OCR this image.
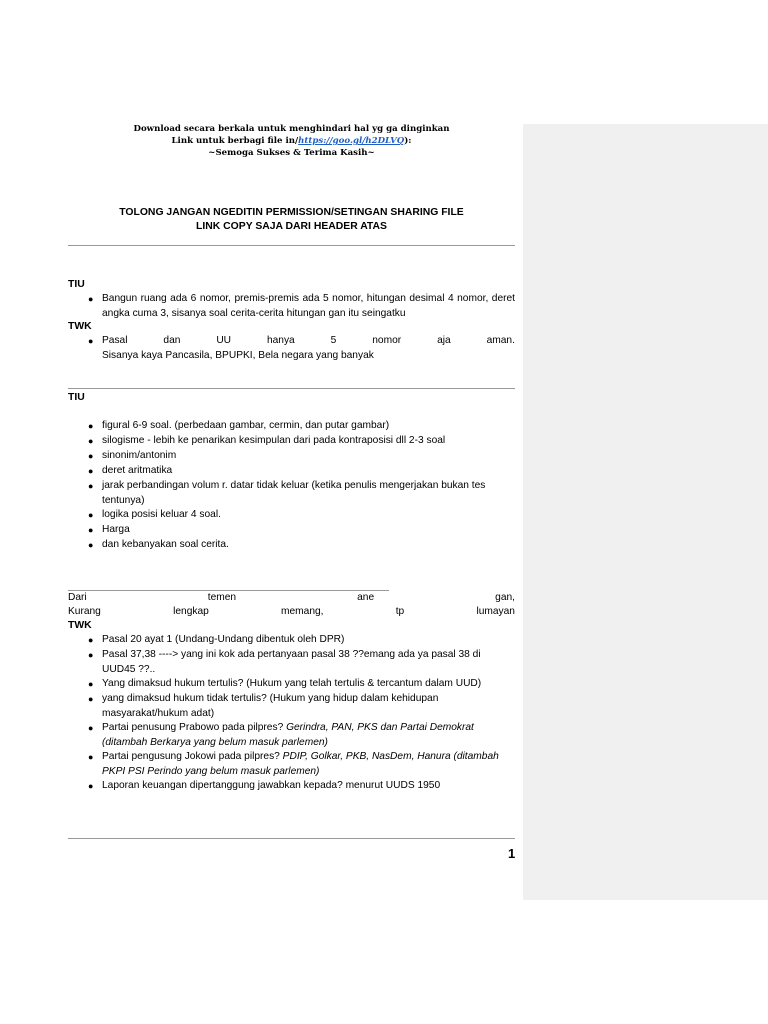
Download secara berkala untuk menghindari hal yg ga dinginkan
Link untuk berbagi file in/https://goo.gl/h2DLVQ):
~Semoga Sukses & Terima Kasih~
TOLONG JANGAN NGEDITIN PERMISSION/SETINGAN SHARING FILE
LINK COPY SAJA DARI HEADER ATAS
TIU
● Bangun ruang ada 6 nomor, premis-premis ada 5 nomor, hitungan desimal 4 nomor, deret angka cuma 3, sisanya soal cerita-cerita hitungan gan itu seingatku
TWK
● Pasal	dan	UU	hanya	5	nomor	aja	aman.
Sisanya kaya Pancasila, BPUPKI, Bela negara yang banyak
TIU
● figural 6-9 soal. (perbedaan gambar, cermin, dan putar gambar)
● silogisme - lebih ke penarikan kesimpulan dari pada kontraposisi dll 2-3 soal
● sinonim/antonim
● deret aritmatika
● jarak perbandingan volum r. datar tidak keluar (ketika penulis mengerjakan bukan tes tentunya)
● logika posisi keluar 4 soal.
● Harga
● dan kebanyakan soal cerita.
Dari	temen	ane	gan,
Kurang	lengkap	memang,	tp	lumayan
TWK
● Pasal 20 ayat 1 (Undang-Undang dibentuk oleh DPR)
● Pasal 37,38 ----> yang ini kok ada pertanyaan pasal 38 ??emang ada ya pasal 38 di UUD45 ??..
● Yang dimaksud hukum tertulis? (Hukum yang telah tertulis & tercantum dalam UUD)
● yang dimaksud hukum tidak tertulis? (Hukum yang hidup dalam kehidupan masyarakat/hukum adat)
● Partai penusung Prabowo pada pilpres? Gerindra, PAN, PKS dan Partai Demokrat (ditambah Berkarya yang belum masuk parlemen)
● Partai pengusung Jokowi pada pilpres? PDIP, Golkar, PKB, NasDem, Hanura (ditambah PKPI PSI Perindo yang belum masuk parlemen)
● Laporan keuangan dipertanggung jawabkan kepada? menurut UUDS 1950
1
